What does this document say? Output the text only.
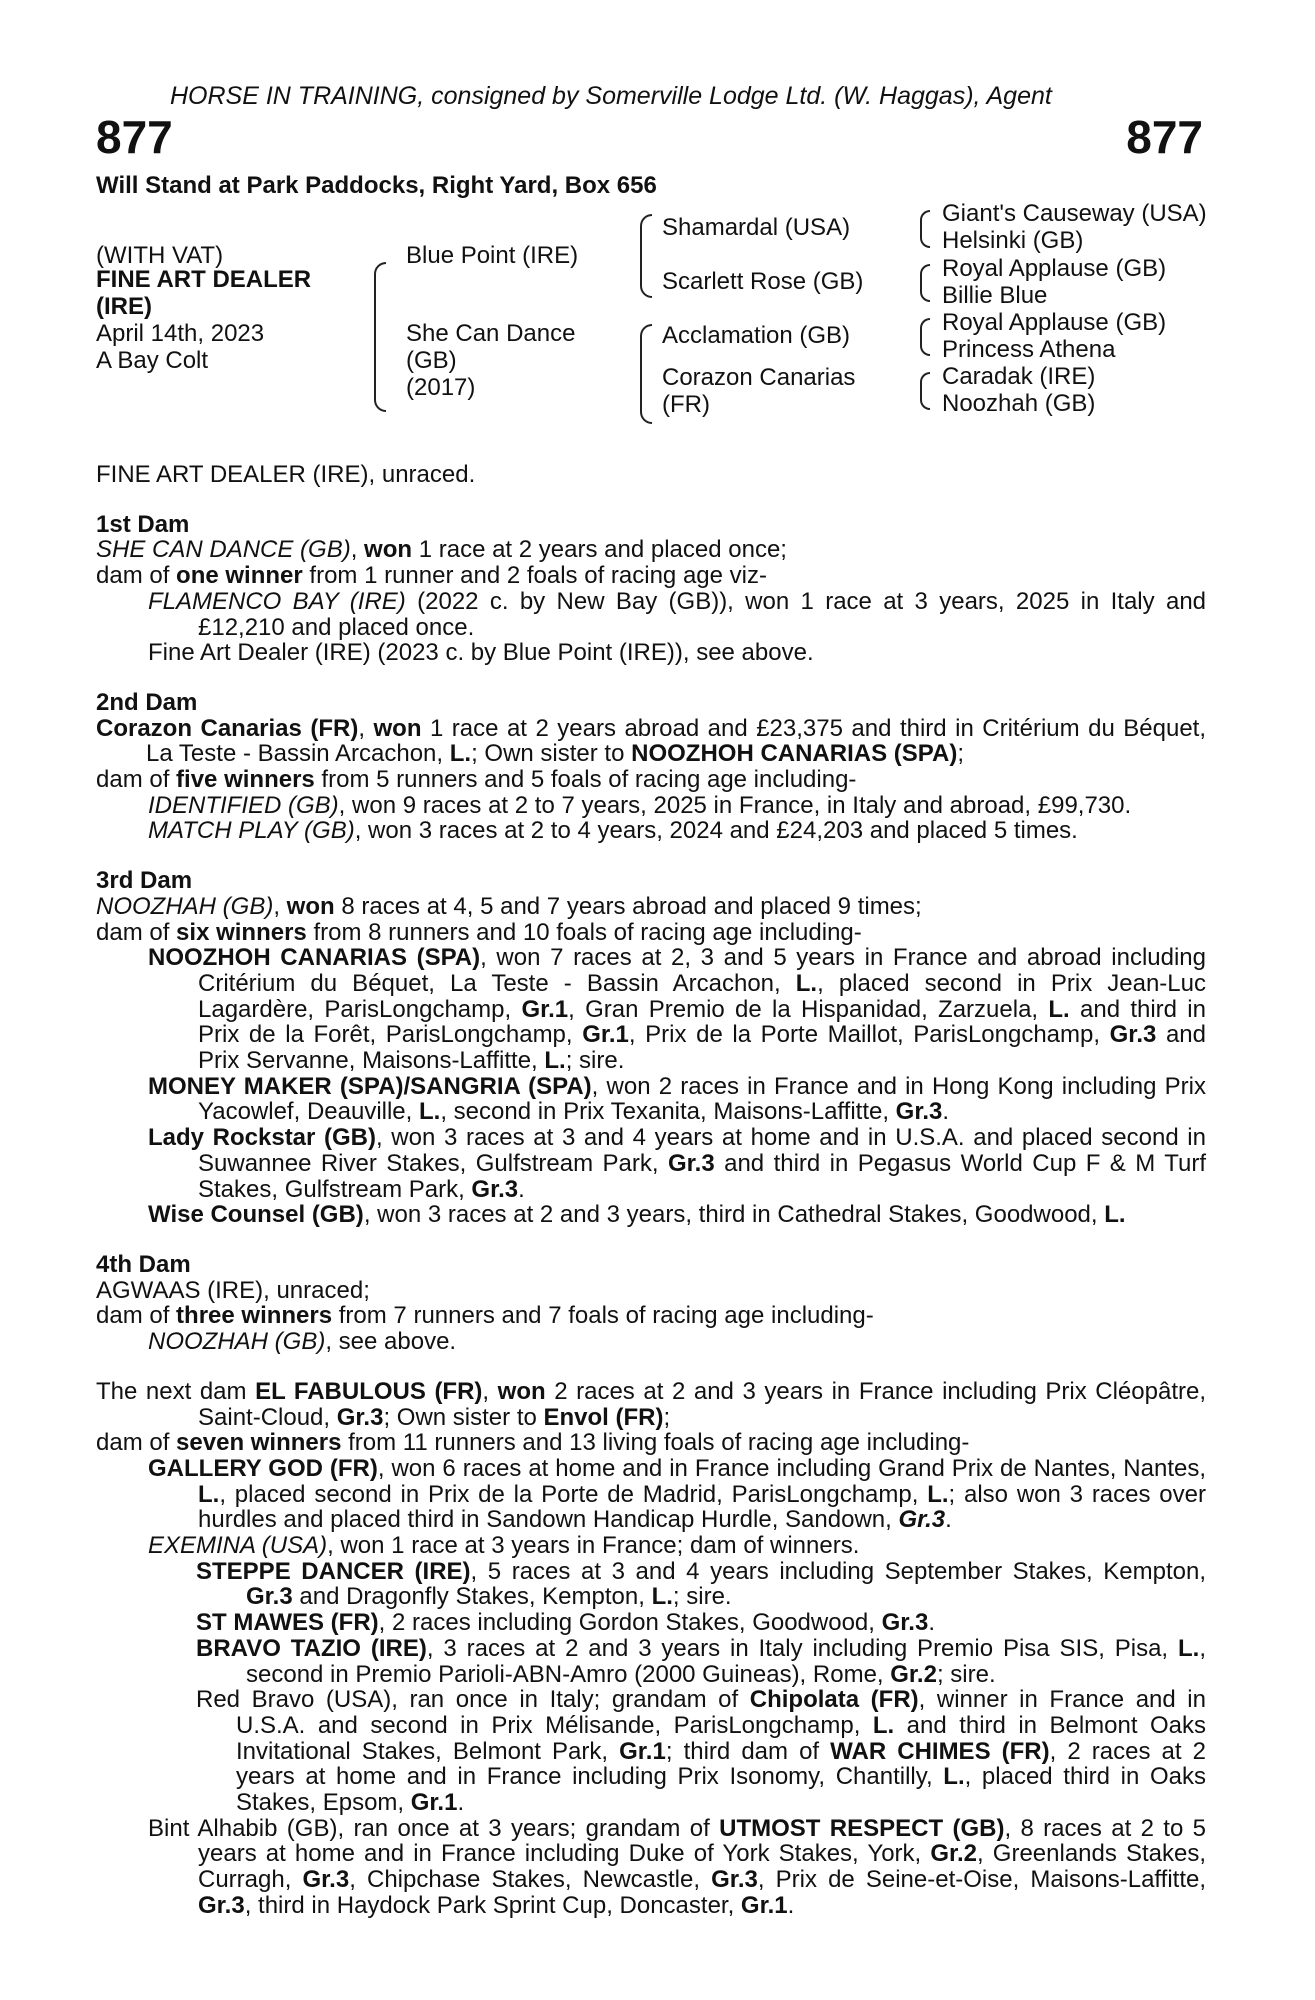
HORSE IN TRAINING, consigned by Somerville Lodge Ltd. (W. Haggas), Agent
877	877
Will Stand at Park Paddocks, Right Yard, Box 656
(WITH VAT)
FINE ART DEALER
(IRE)
April 14th, 2023
A Bay Colt
Blue Point (IRE)
She Can Dance
(GB)
(2017)
Shamardal (USA)
Scarlett Rose (GB)
Acclamation (GB)
Corazon Canarias
(FR)
Giant's Causeway (USA)
Helsinki (GB)
Royal Applause (GB)
Billie Blue
Royal Applause (GB)
Princess Athena
Caradak (IRE)
Noozhah (GB)

FINE ART DEALER (IRE), unraced.

1st Dam

SHE CAN DANCE (GB), won 1 race at 2 years and placed once;

dam of one winner from 1 runner and 2 foals of racing age viz-

FLAMENCO BAY (IRE) (2022 c. by New Bay (GB)), won 1 race at 3 years, 2025 in Italy and £12,210 and placed once.

Fine Art Dealer (IRE) (2023 c. by Blue Point (IRE)), see above.

2nd Dam

Corazon Canarias (FR), won 1 race at 2 years abroad and £23,375 and third in Critérium du Béquet, La Teste - Bassin Arcachon, L.; Own sister to NOOZHOH CANARIAS (SPA);

dam of five winners from 5 runners and 5 foals of racing age including-

IDENTIFIED (GB), won 9 races at 2 to 7 years, 2025 in France, in Italy and abroad, £99,730.

MATCH PLAY (GB), won 3 races at 2 to 4 years, 2024 and £24,203 and placed 5 times.

3rd Dam

NOOZHAH (GB), won 8 races at 4, 5 and 7 years abroad and placed 9 times;

dam of six winners from 8 runners and 10 foals of racing age including-

NOOZHOH CANARIAS (SPA), won 7 races at 2, 3 and 5 years in France and abroad including Critérium du Béquet, La Teste - Bassin Arcachon, L., placed second in Prix Jean-Luc Lagardère, ParisLongchamp, Gr.1, Gran Premio de la Hispanidad, Zarzuela, L. and third in Prix de la Forêt, ParisLongchamp, Gr.1, Prix de la Porte Maillot, ParisLongchamp, Gr.3 and Prix Servanne, Maisons-Laffitte, L.; sire.

MONEY MAKER (SPA)/SANGRIA (SPA), won 2 races in France and in Hong Kong including Prix Yacowlef, Deauville, L., second in Prix Texanita, Maisons-Laffitte, Gr.3.

Lady Rockstar (GB), won 3 races at 3 and 4 years at home and in U.S.A. and placed second in Suwannee River Stakes, Gulfstream Park, Gr.3 and third in Pegasus World Cup F & M Turf Stakes, Gulfstream Park, Gr.3.

Wise Counsel (GB), won 3 races at 2 and 3 years, third in Cathedral Stakes, Goodwood, L.

4th Dam

AGWAAS (IRE), unraced;

dam of three winners from 7 runners and 7 foals of racing age including-

NOOZHAH (GB), see above.

The next dam EL FABULOUS (FR), won 2 races at 2 and 3 years in France including Prix Cléopâtre, Saint-Cloud, Gr.3; Own sister to Envol (FR);

dam of seven winners from 11 runners and 13 living foals of racing age including-

GALLERY GOD (FR), won 6 races at home and in France including Grand Prix de Nantes, Nantes, L., placed second in Prix de la Porte de Madrid, ParisLongchamp, L.; also won 3 races over hurdles and placed third in Sandown Handicap Hurdle, Sandown, Gr.3.

EXEMINA (USA), won 1 race at 3 years in France; dam of winners.

STEPPE DANCER (IRE), 5 races at 3 and 4 years including September Stakes, Kempton, Gr.3 and Dragonfly Stakes, Kempton, L.; sire.

ST MAWES (FR), 2 races including Gordon Stakes, Goodwood, Gr.3.

BRAVO TAZIO (IRE), 3 races at 2 and 3 years in Italy including Premio Pisa SIS, Pisa, L., second in Premio Parioli-ABN-Amro (2000 Guineas), Rome, Gr.2; sire.

Red Bravo (USA), ran once in Italy; grandam of Chipolata (FR), winner in France and in U.S.A. and second in Prix Mélisande, ParisLongchamp, L. and third in Belmont Oaks Invitational Stakes, Belmont Park, Gr.1; third dam of WAR CHIMES (FR), 2 races at 2 years at home and in France including Prix Isonomy, Chantilly, L., placed third in Oaks Stakes, Epsom, Gr.1.

Bint Alhabib (GB), ran once at 3 years; grandam of UTMOST RESPECT (GB), 8 races at 2 to 5 years at home and in France including Duke of York Stakes, York, Gr.2, Greenlands Stakes, Curragh, Gr.3, Chipchase Stakes, Newcastle, Gr.3, Prix de Seine-et-Oise, Maisons-Laffitte, Gr.3, third in Haydock Park Sprint Cup, Doncaster, Gr.1.
